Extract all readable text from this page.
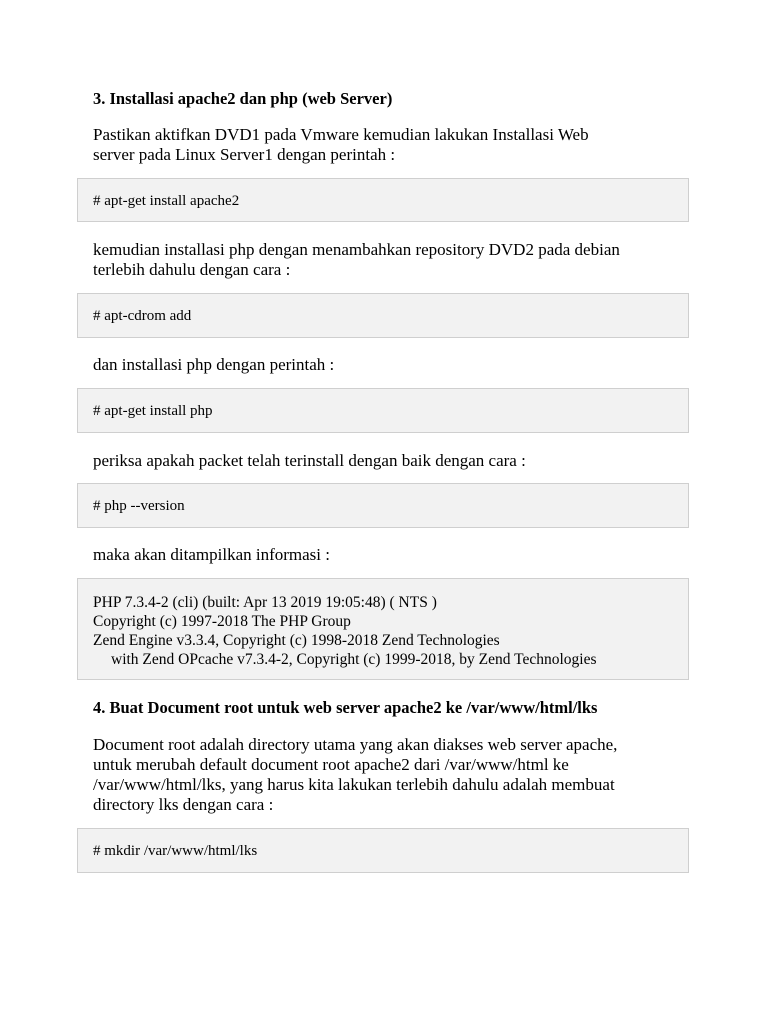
3. Installasi apache2 dan php (web Server)

Pastikan aktifkan DVD1 pada Vmware kemudian lakukan Installasi Web
server pada Linux Server1 dengan perintah :

# apt-get install apache2

kemudian installasi php dengan menambahkan repository DVD2 pada debian
terlebih dahulu dengan cara :

# apt-cdrom add

dan installasi php dengan perintah :

# apt-get install php

periksa apakah packet telah terinstall dengan baik dengan cara :

# php --version

maka akan ditampilkan informasi :

PHP 7.3.4-2 (cli) (built: Apr 13 2019 19:05:48) ( NTS )
Copyright (c) 1997-2018 The PHP Group
Zend Engine v3.3.4, Copyright (c) 1998-2018 Zend Technologies
with Zend OPcache v7.3.4-2, Copyright (c) 1999-2018, by Zend Technologies
4. Buat Document root untuk web server apache2 ke /var/www/html/lks

Document root adalah directory utama yang akan diakses web server apache,
untuk merubah default document root apache2 dari /var/www/html ke
/var/www/html/lks, yang harus kita lakukan terlebih dahulu adalah membuat
directory lks dengan cara :

# mkdir /var/www/html/lks
